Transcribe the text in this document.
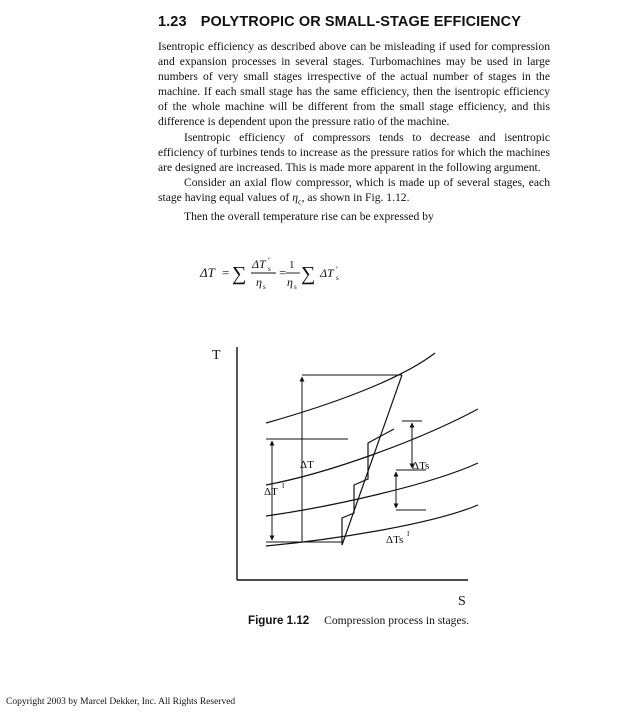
1.23 POLYTROPIC OR SMALL-STAGE EFFICIENCY

Isentropic efficiency as described above can be misleading if used for compression and expansion processes in several stages. Turbomachines may be used in large numbers of very small stages irrespective of the actual number of stages in the machine. If each small stage has the same efficiency, then the isentropic efficiency of the whole machine will be different from the small stage efficiency, and this difference is dependent upon the pressure ratio of the machine.

Isentropic efficiency of compressors tends to decrease and isentropic efficiency of turbines tends to increase as the pressure ratios for which the machines are designed are increased. This is made more apparent in the following argument.

Consider an axial flow compressor, which is made up of several stages, each stage having equal values of $\eta_c$, as shown in Fig. 1.12.

Then the overall temperature rise can be expressed by

ΔT = ∑ ΔT ′
s
η s
= 1
η s
∑ ΔT ′
s
T
S
ΔT
ΔT I
ΔTs
ΔTs I
Figure 1.12 Compression process in stages.
Copyright 2003 by Marcel Dekker, Inc. All Rights Reserved
